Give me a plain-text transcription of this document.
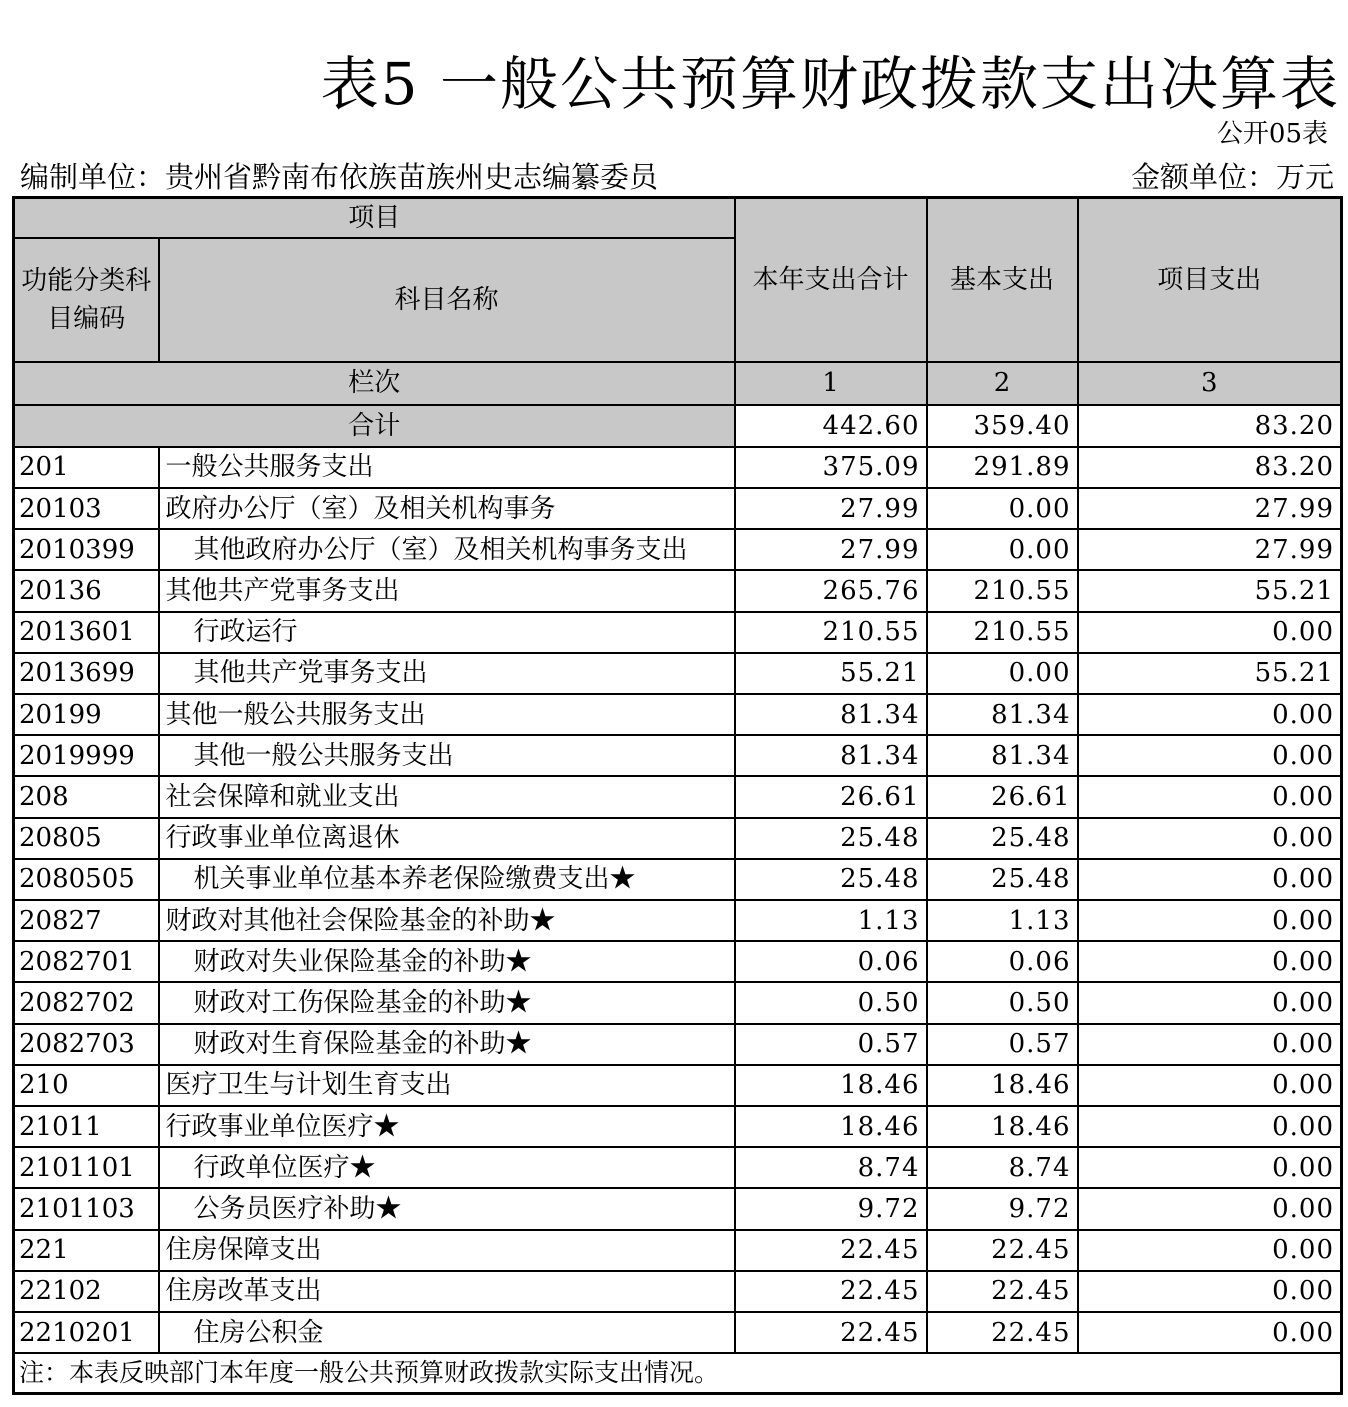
表5 一般公共预算财政拨款支出决算表
公开05表
编制单位：贵州省黔南布依族苗族州史志编纂委员	金额单位：万元
项目		本年支出合计	基本支出	项目支出
功能分类科目编码	科目名称			
栏次		1	2	3
合计		442.60	359.40	83.20
201	一般公共服务支出	375.09	291.89	83.20
20103	政府办公厅（室）及相关机构事务	27.99	0.00	27.99
2010399	其他政府办公厅（室）及相关机构事务支出	27.99	0.00	27.99
20136	其他共产党事务支出	265.76	210.55	55.21
2013601	行政运行	210.55	210.55	0.00
2013699	其他共产党事务支出	55.21	0.00	55.21
20199	其他一般公共服务支出	81.34	81.34	0.00
2019999	其他一般公共服务支出	81.34	81.34	0.00
208	社会保障和就业支出	26.61	26.61	0.00
20805	行政事业单位离退休	25.48	25.48	0.00
2080505	机关事业单位基本养老保险缴费支出★	25.48	25.48	0.00
20827	财政对其他社会保险基金的补助★	1.13	1.13	0.00
2082701	财政对失业保险基金的补助★	0.06	0.06	0.00
2082702	财政对工伤保险基金的补助★	0.50	0.50	0.00
2082703	财政对生育保险基金的补助★	0.57	0.57	0.00
210	医疗卫生与计划生育支出	18.46	18.46	0.00
21011	行政事业单位医疗★	18.46	18.46	0.00
2101101	行政单位医疗★	8.74	8.74	0.00
2101103	公务员医疗补助★	9.72	9.72	0.00
221	住房保障支出	22.45	22.45	0.00
22102	住房改革支出	22.45	22.45	0.00
2210201	住房公积金	22.45	22.45	0.00
注：本表反映部门本年度一般公共预算财政拨款实际支出情况。				
